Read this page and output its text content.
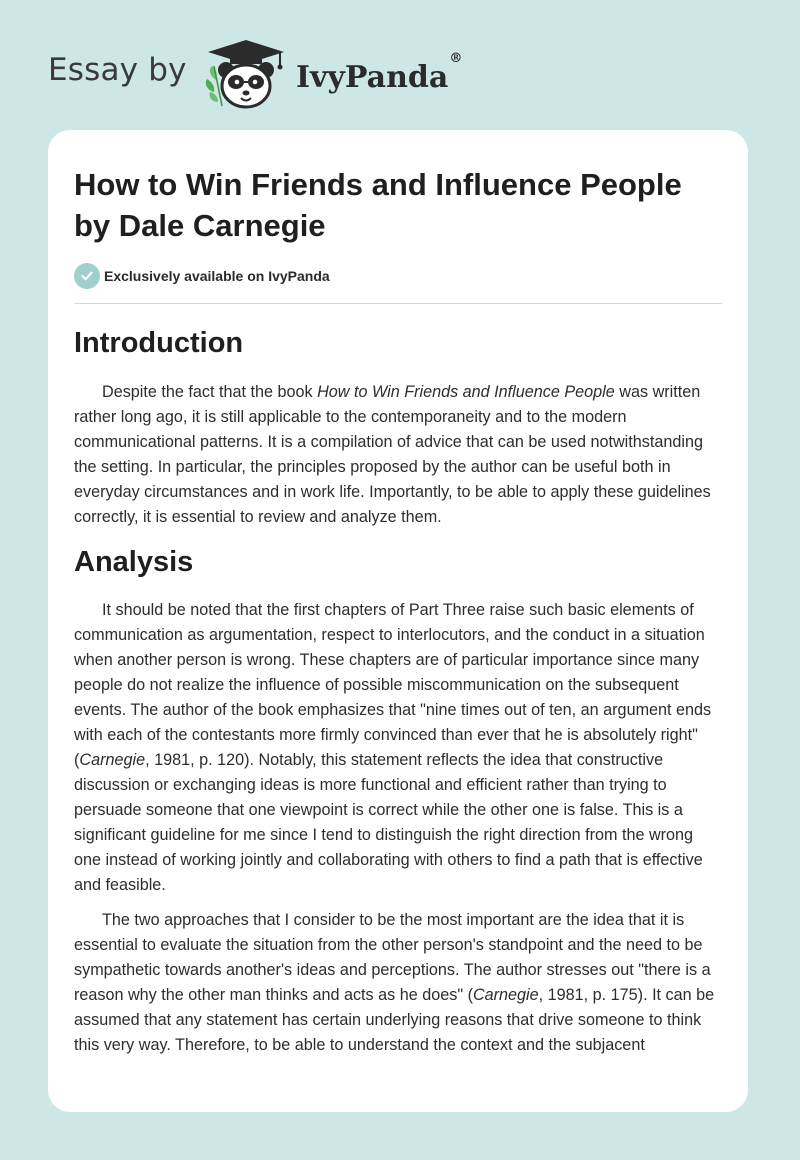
Essay by	IvyPanda®
How to Win Friends and Influence People by Dale Carnegie
Exclusively available on IvyPanda
Introduction

Despite the fact that the book How to Win Friends and Influence People was written rather long ago, it is still applicable to the contemporaneity and to the modern communicational patterns. It is a compilation of advice that can be used notwithstanding the setting. In particular, the principles proposed by the author can be useful both in everyday circumstances and in work life. Importantly, to be able to apply these guidelines correctly, it is essential to review and analyze them.

Analysis

It should be noted that the first chapters of Part Three raise such basic elements of communication as argumentation, respect to interlocutors, and the conduct in a situation when another person is wrong. These chapters are of particular importance since many people do not realize the influence of possible miscommunication on the subsequent events. The author of the book emphasizes that "nine times out of ten, an argument ends with each of the contestants more firmly convinced than ever that he is absolutely right" (Carnegie, 1981, p. 120). Notably, this statement reflects the idea that constructive discussion or exchanging ideas is more functional and efficient rather than trying to persuade someone that one viewpoint is correct while the other one is false. This is a significant guideline for me since I tend to distinguish the right direction from the wrong one instead of working jointly and collaborating with others to find a path that is effective and feasible.

The two approaches that I consider to be the most important are the idea that it is essential to evaluate the situation from the other person's standpoint and the need to be sympathetic towards another's ideas and perceptions. The author stresses out "there is a reason why the other man thinks and acts as he does" (Carnegie, 1981, p. 175). It can be assumed that any statement has certain underlying reasons that drive someone to think this very way. Therefore, to be able to understand the context and the subjacent
